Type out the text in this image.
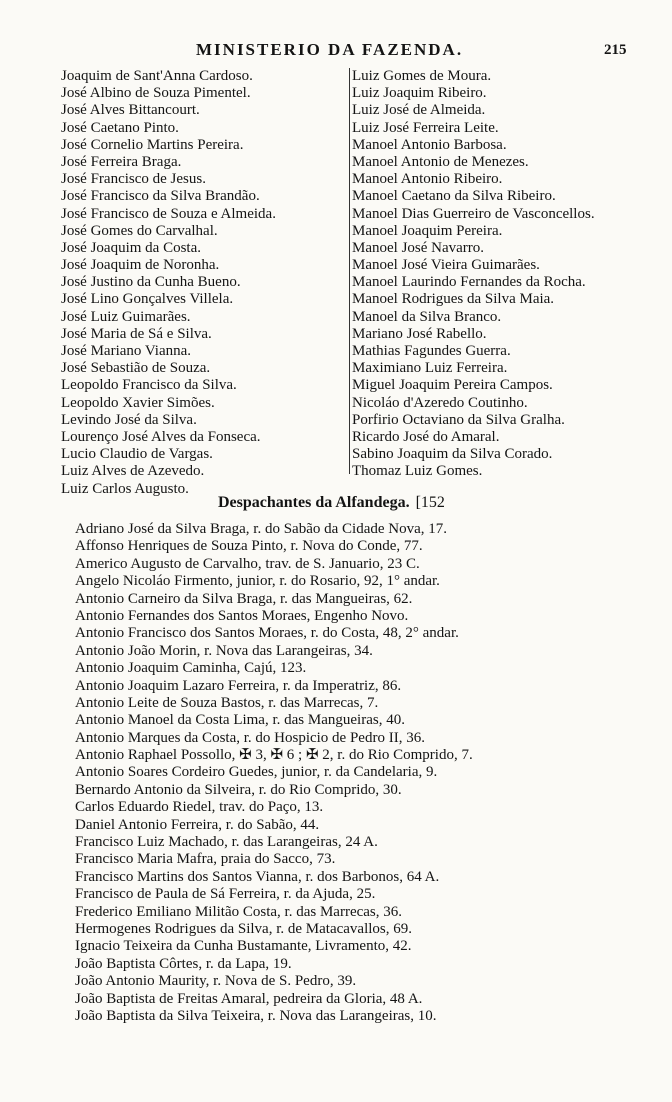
MINISTERIO DA FAZENDA.	215
Joaquim de Sant'Anna Cardoso.
José Albino de Souza Pimentel.
José Alves Bittancourt.
José Caetano Pinto.
José Cornelio Martins Pereira.
José Ferreira Braga.
José Francisco de Jesus.
José Francisco da Silva Brandão.
José Francisco de Souza e Almeida.
José Gomes do Carvalhal.
José Joaquim da Costa.
José Joaquim de Noronha.
José Justino da Cunha Bueno.
José Lino Gonçalves Villela.
José Luiz Guimarães.
José Maria de Sá e Silva.
José Mariano Vianna.
José Sebastião de Souza.
Leopoldo Francisco da Silva.
Leopoldo Xavier Simões.
Levindo José da Silva.
Lourenço José Alves da Fonseca.
Lucio Claudio de Vargas.
Luiz Alves de Azevedo.
Luiz Carlos Augusto.
Luiz Gomes de Moura.
Luiz Joaquim Ribeiro.
Luiz José de Almeida.
Luiz José Ferreira Leite.
Manoel Antonio Barbosa.
Manoel Antonio de Menezes.
Manoel Antonio Ribeiro.
Manoel Caetano da Silva Ribeiro.
Manoel Dias Guerreiro de Vasconcellos.
Manoel Joaquim Pereira.
Manoel José Navarro.
Manoel José Vieira Guimarães.
Manoel Laurindo Fernandes da Rocha.
Manoel Rodrigues da Silva Maia.
Manoel da Silva Branco.
Mariano José Rabello.
Mathias Fagundes Guerra.
Maximiano Luiz Ferreira.
Miguel Joaquim Pereira Campos.
Nicoláo d'Azeredo Coutinho.
Porfirio Octaviano da Silva Gralha.
Ricardo José do Amaral.
Sabino Joaquim da Silva Corado.
Thomaz Luiz Gomes.
Despachantes da Alfandega. [152
Adriano José da Silva Braga, r. do Sabão da Cidade Nova, 17.
Affonso Henriques de Souza Pinto, r. Nova do Conde, 77.
Americo Augusto de Carvalho, trav. de S. Januario, 23 C.
Angelo Nicoláo Firmento, junior, r. do Rosario, 92, 1° andar.
Antonio Carneiro da Silva Braga, r. das Mangueiras, 62.
Antonio Fernandes dos Santos Moraes, Engenho Novo.
Antonio Francisco dos Santos Moraes, r. do Costa, 48, 2° andar.
Antonio João Morin, r. Nova das Larangeiras, 34.
Antonio Joaquim Caminha, Cajú, 123.
Antonio Joaquim Lazaro Ferreira, r. da Imperatriz, 86.
Antonio Leite de Souza Bastos, r. das Marrecas, 7.
Antonio Manoel da Costa Lima, r. das Mangueiras, 40.
Antonio Marques da Costa, r. do Hospicio de Pedro II, 36.
Antonio Raphael Possollo, ✠ 3, ✠ 6 ; ✠ 2, r. do Rio Comprido, 7.
Antonio Soares Cordeiro Guedes, junior, r. da Candelaria, 9.
Bernardo Antonio da Silveira, r. do Rio Comprido, 30.
Carlos Eduardo Riedel, trav. do Paço, 13.
Daniel Antonio Ferreira, r. do Sabão, 44.
Francisco Luiz Machado, r. das Larangeiras, 24 A.
Francisco Maria Mafra, praia do Sacco, 73.
Francisco Martins dos Santos Vianna, r. dos Barbonos, 64 A.
Francisco de Paula de Sá Ferreira, r. da Ajuda, 25.
Frederico Emiliano Militão Costa, r. das Marrecas, 36.
Hermogenes Rodrigues da Silva, r. de Matacavallos, 69.
Ignacio Teixeira da Cunha Bustamante, Livramento, 42.
João Baptista Côrtes, r. da Lapa, 19.
João Antonio Maurity, r. Nova de S. Pedro, 39.
João Baptista de Freitas Amaral, pedreira da Gloria, 48 A.
João Baptista da Silva Teixeira, r. Nova das Larangeiras, 10.
